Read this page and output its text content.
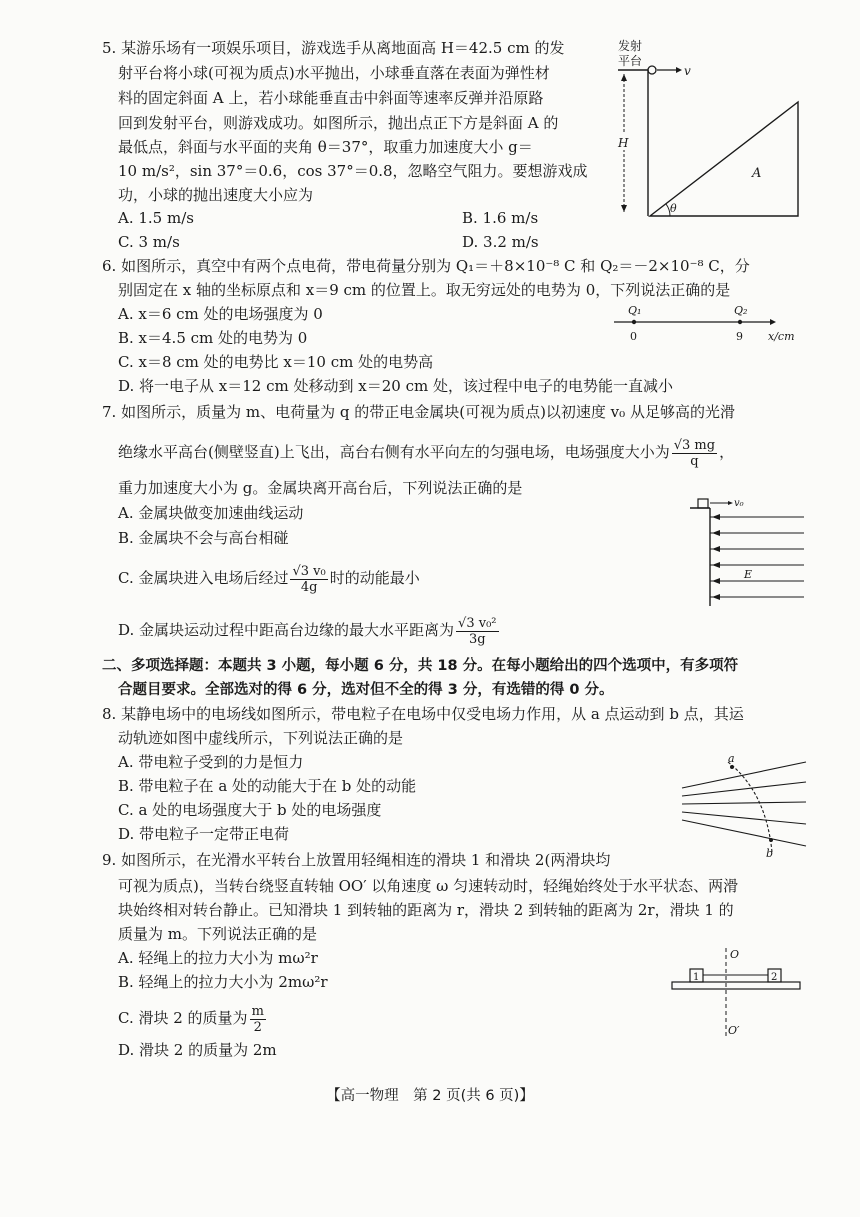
5. 某游乐场有一项娱乐项目，游戏选手从离地面高 H＝42.5 cm 的发
射平台将小球(可视为质点)水平抛出，小球垂直落在表面为弹性材
料的固定斜面 A 上，若小球能垂直击中斜面等速率反弹并沿原路
回到发射平台，则游戏成功。如图所示，抛出点正下方是斜面 A 的
最低点，斜面与水平面的夹角 θ＝37°，取重力加速度大小 g＝
10 m/s²，sin 37°＝0.6，cos 37°＝0.8，忽略空气阻力。要想游戏成
功，小球的抛出速度大小应为
A. 1.5 m/s	B. 1.6 m/s
C. 3 m/s	D. 3.2 m/s
发射
平台
v
H
A
θ
6. 如图所示，真空中有两个点电荷，带电荷量分别为 Q₁＝＋8×10⁻⁸ C 和 Q₂＝－2×10⁻⁸ C，分
别固定在 x 轴的坐标原点和 x＝9 cm 的位置上。取无穷远处的电势为 0，下列说法正确的是
A. x＝6 cm 处的电场强度为 0
B. x＝4.5 cm 处的电势为 0
C. x＝8 cm 处的电势比 x＝10 cm 处的电势高
D. 将一电子从 x＝12 cm 处移动到 x＝20 cm 处，该过程中电子的电势能一直减小
Q₁	Q₂
0	9 x/cm
7. 如图所示，质量为 m、电荷量为 q 的带正电金属块(可视为质点)以初速度 v₀ 从足够高的光滑
绝缘水平高台(侧壁竖直)上飞出，高台右侧有水平向左的匀强电场，电场强度大小为 $\frac{√3 mg}{q}$ ，
重力加速度大小为 g。金属块离开高台后，下列说法正确的是
A. 金属块做变加速曲线运动
B. 金属块不会与高台相碰
C. 金属块进入电场后经过 $\frac{\text{√3 v₀}}{4g}$ 时的动能最小
D. 金属块运动过程中距高台边缘的最大水平距离为 $\frac{\text{√3 v₀²}}{3g}$
v₀
E
二、多项选择题：本题共 3 小题，每小题 6 分，共 18 分。在每小题给出的四个选项中，有多项符
合题目要求。全部选对的得 6 分，选对但不全的得 3 分，有选错的得 0 分。
8. 某静电场中的电场线如图所示，带电粒子在电场中仅受电场力作用，从 a 点运动到 b 点，其运
动轨迹如图中虚线所示，下列说法正确的是
A. 带电粒子受到的力是恒力
B. 带电粒子在 a 处的动能大于在 b 处的动能
C. a 处的电场强度大于 b 处的电场强度
D. 带电粒子一定带正电荷
a
b
9. 如图所示，在光滑水平转台上放置用轻绳相连的滑块 1 和滑块 2(两滑块均
可视为质点)，当转台绕竖直转轴 OO′ 以角速度 ω 匀速转动时，轻绳始终处于水平状态、两滑
块始终相对转台静止。已知滑块 1 到转轴的距离为 r，滑块 2 到转轴的距离为 2r，滑块 1 的
质量为 m。下列说法正确的是
A. 轻绳上的拉力大小为 mω²r
B. 轻绳上的拉力大小为 2mω²r
C. 滑块 2 的质量为 $\frac{m}{2}$
D. 滑块 2 的质量为 2m
O
1	2
O′
【高一物理　第 2 页(共 6 页)】
